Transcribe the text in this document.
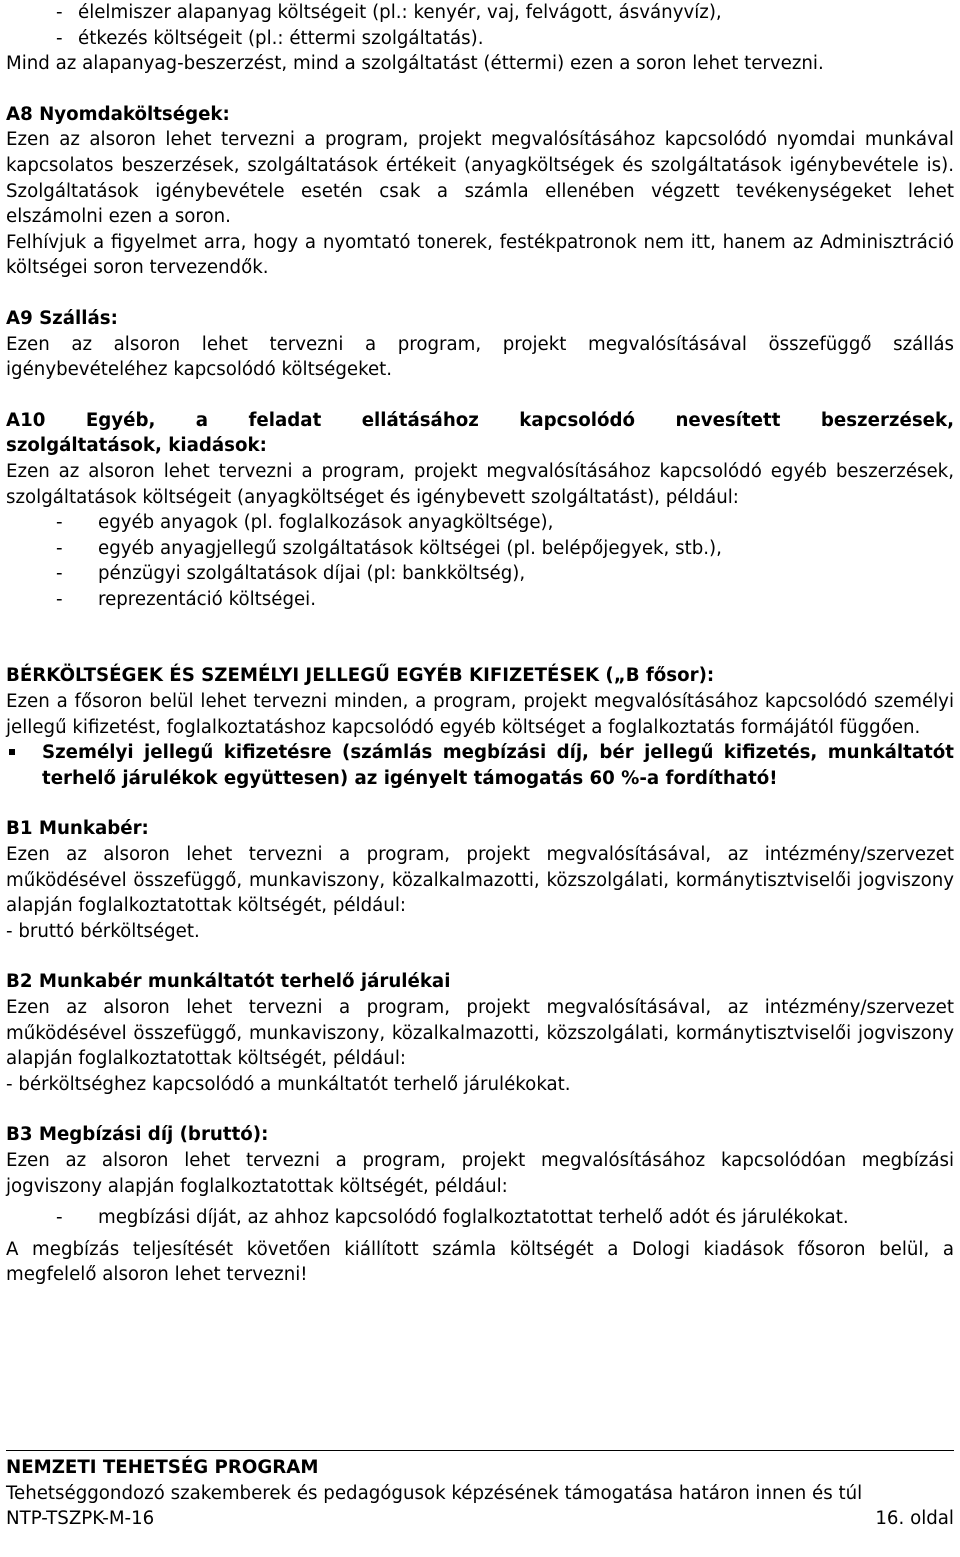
- élelmiszer alapanyag költségeit (pl.: kenyér, vaj, felvágott, ásványvíz),
- étkezés költségeit (pl.: éttermi szolgáltatás).

Mind az alapanyag-beszerzést, mind a szolgáltatást (éttermi) ezen a soron lehet tervezni.

A8 Nyomdaköltségek:

Ezen az alsoron lehet tervezni a program, projekt megvalósításához kapcsolódó nyomdai munkával kapcsolatos beszerzések, szolgáltatások értékeit (anyagköltségek és szolgáltatások igénybevétele is). Szolgáltatások igénybevétele esetén csak a számla ellenében végzett tevékenységeket lehet elszámolni ezen a soron.

Felhívjuk a figyelmet arra, hogy a nyomtató tonerek, festékpatronok nem itt, hanem az Adminisztráció költségei soron tervezendők.

A9 Szállás:

Ezen az alsoron lehet tervezni a program, projekt megvalósításával összefüggő szállás igénybevételéhez kapcsolódó költségeket.

A10 Egyéb, a feladat ellátásához kapcsolódó nevesített beszerzések,

szolgáltatások, kiadások:

Ezen az alsoron lehet tervezni a program, projekt megvalósításához kapcsolódó egyéb beszerzések, szolgáltatások költségeit (anyagköltséget és igénybevett szolgáltatást), például:

-	egyéb anyagok (pl. foglalkozások anyagköltsége),
-	egyéb anyagjellegű szolgáltatások költségei (pl. belépőjegyek, stb.),
-	pénzügyi szolgáltatások díjai (pl: bankköltség),
-	reprezentáció költségei.

BÉRKÖLTSÉGEK ÉS SZEMÉLYI JELLEGŰ EGYÉB KIFIZETÉSEK („B fősor):

Ezen a fősoron belül lehet tervezni minden, a program, projekt megvalósításához kapcsolódó személyi jellegű kifizetést, foglalkoztatáshoz kapcsolódó egyéb költséget a foglalkoztatás formájától függően.

Személyi jellegű kifizetésre (számlás megbízási díj, bér jellegű kifizetés, munkáltatót terhelő járulékok együttesen) az igényelt támogatás 60 %-a fordítható!

B1 Munkabér:

Ezen az alsoron lehet tervezni a program, projekt megvalósításával, az intézmény/szervezet működésével összefüggő, munkaviszony, közalkalmazotti, közszolgálati, kormánytisztviselői jogviszony alapján foglalkoztatottak költségét, például:

- bruttó bérköltséget.

B2 Munkabér munkáltatót terhelő járulékai

Ezen az alsoron lehet tervezni a program, projekt megvalósításával, az intézmény/szervezet működésével összefüggő, munkaviszony, közalkalmazotti, közszolgálati, kormánytisztviselői jogviszony alapján foglalkoztatottak költségét, például:

- bérköltséghez kapcsolódó a munkáltatót terhelő járulékokat.

B3 Megbízási díj (bruttó):

Ezen az alsoron lehet tervezni a program, projekt megvalósításához kapcsolódóan megbízási jogviszony alapján foglalkoztatottak költségét, például:

-	megbízási díját, az ahhoz kapcsolódó foglalkoztatottat terhelő adót és járulékokat.

A megbízás teljesítését követően kiállított számla költségét a Dologi kiadások fősoron belül, a megfelelő alsoron lehet tervezni!

NEMZETI TEHETSÉG PROGRAM

Tehetséggondozó szakemberek és pedagógusok képzésének támogatása határon innen és túl

NTP-TSZPK-M-16	16. oldal
